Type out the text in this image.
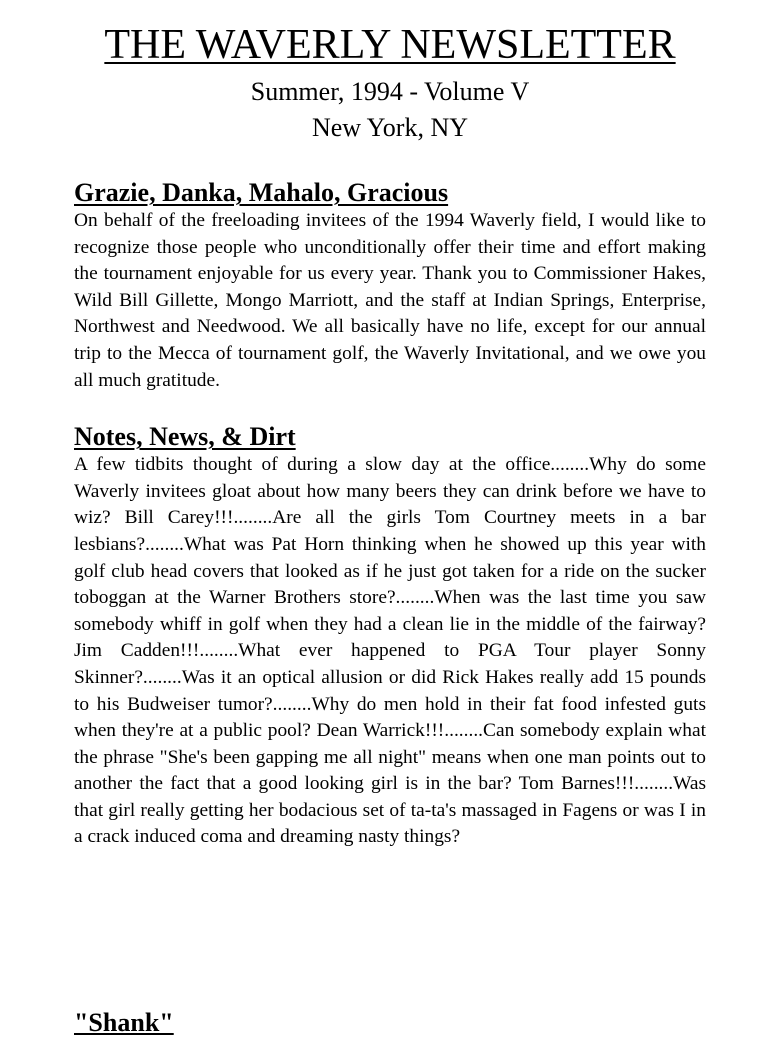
THE WAVERLY NEWSLETTER

Summer, 1994 - Volume V

New York, NY

Grazie, Danka, Mahalo, Gracious

On behalf of the freeloading invitees of the 1994 Waverly field, I would like to recognize those people who unconditionally offer their time and effort making the tournament enjoyable for us every year. Thank you to Commissioner Hakes, Wild Bill Gillette, Mongo Marriott, and the staff at Indian Springs, Enterprise, Northwest and Needwood. We all basically have no life, except for our annual trip to the Mecca of tournament golf, the Waverly Invitational, and we owe you all much gratitude.

Notes, News, & Dirt

A few tidbits thought of during a slow day at the office........Why do some Waverly invitees gloat about how many beers they can drink before we have to wiz? Bill Carey!!!........Are all the girls Tom Courtney meets in a bar lesbians?........What was Pat Horn thinking when he showed up this year with golf club head covers that looked as if he just got taken for a ride on the sucker toboggan at the Warner Brothers store?........When was the last time you saw somebody whiff in golf when they had a clean lie in the middle of the fairway? Jim Cadden!!!........What ever happened to PGA Tour player Sonny Skinner?........Was it an optical allusion or did Rick Hakes really add 15 pounds to his Budweiser tumor?........Why do men hold in their fat food infested guts when they're at a public pool? Dean Warrick!!!........Can somebody explain what the phrase "She's been gapping me all night" means when one man points out to another the fact that a good looking girl is in the bar? Tom Barnes!!!........Was that girl really getting her bodacious set of ta-ta's massaged in Fagens or was I in a crack induced coma and dreaming nasty things?

"Shank"
